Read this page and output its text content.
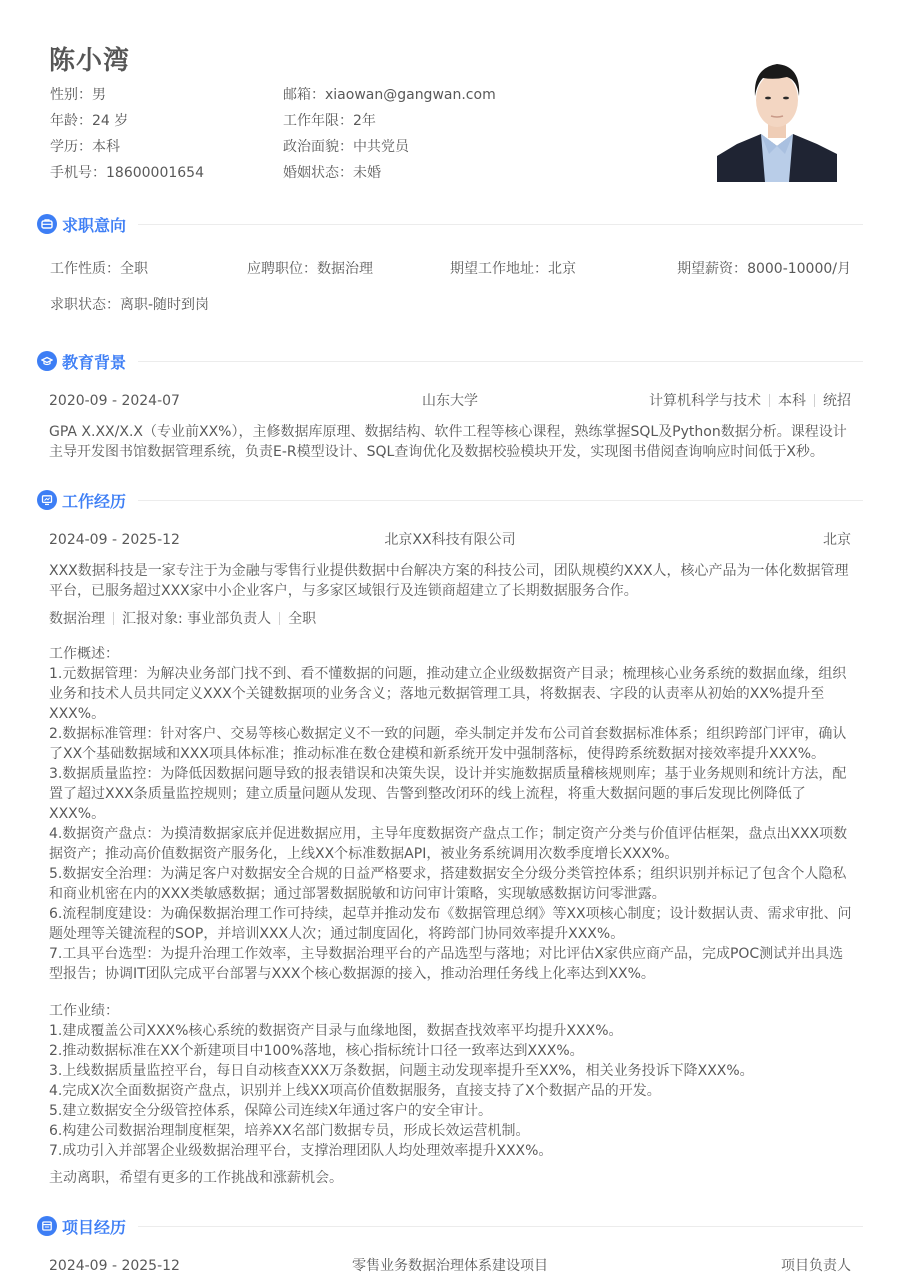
陈小湾
性别：男
年龄：24 岁
学历：本科
手机号：18600001654
邮箱：xiaowan@gangwan.com
工作年限：2年
政治面貌：中共党员
婚姻状态：未婚
求职意向
工作性质：全职	应聘职位：数据治理	期望工作地址：北京	期望薪资：8000-10000/月
求职状态：离职-随时到岗
教育背景
2020-09 - 2024-07	山东大学	计算机科学与技术 本科 统招
GPA X.XX/X.X（专业前XX%），主修数据库原理、数据结构、软件工程等核心课程，熟练掌握SQL及Python数据分析。课程设计主导开发图书馆数据管理系统，负责E-R模型设计、SQL查询优化及数据校验模块开发，实现图书借阅查询响应时间低于X秒。
工作经历
2024-09 - 2025-12	北京XX科技有限公司	北京
XXX数据科技是一家专注于为金融与零售行业提供数据中台解决方案的科技公司，团队规模约XXX人，核心产品为一体化数据管理平台，已服务超过XXX家中小企业客户，与多家区域银行及连锁商超建立了长期数据服务合作。
数据治理 汇报对象: 事业部负责人 全职

工作概述：

1.元数据管理：为解决业务部门找不到、看不懂数据的问题，推动建立企业级数据资产目录；梳理核心业务系统的数据血缘，组织业务和技术人员共同定义XXX个关键数据项的业务含义；落地元数据管理工具，将数据表、字段的认责率从初始的XX%提升至XXX%。

2.数据标准管理：针对客户、交易等核心数据定义不一致的问题，牵头制定并发布公司首套数据标准体系；组织跨部门评审，确认了XX个基础数据域和XXX项具体标准；推动标准在数仓建模和新系统开发中强制落标，使得跨系统数据对接效率提升XXX%。

3.数据质量监控：为降低因数据问题导致的报表错误和决策失误，设计并实施数据质量稽核规则库；基于业务规则和统计方法，配置了超过XXX条质量监控规则；建立质量问题从发现、告警到整改闭环的线上流程，将重大数据问题的事后发现比例降低了XXX%。

4.数据资产盘点：为摸清数据家底并促进数据应用，主导年度数据资产盘点工作；制定资产分类与价值评估框架，盘点出XXX项数据资产；推动高价值数据资产服务化，上线XX个标准数据API，被业务系统调用次数季度增长XXX%。

5.数据安全治理：为满足客户对数据安全合规的日益严格要求，搭建数据安全分级分类管控体系；组织识别并标记了包含个人隐私和商业机密在内的XXX类敏感数据；通过部署数据脱敏和访问审计策略，实现敏感数据访问零泄露。

6.流程制度建设：为确保数据治理工作可持续，起草并推动发布《数据管理总纲》等XX项核心制度；设计数据认责、需求审批、问题处理等关键流程的SOP，并培训XXX人次；通过制度固化，将跨部门协同效率提升XXX%。

7.工具平台选型：为提升治理工作效率，主导数据治理平台的产品选型与落地；对比评估X家供应商产品，完成POC测试并出具选型报告；协调IT团队完成平台部署与XXX个核心数据源的接入，推动治理任务线上化率达到XX%。

工作业绩：

1.建成覆盖公司XXX%核心系统的数据资产目录与血缘地图，数据查找效率平均提升XXX%。

2.推动数据标准在XX个新建项目中100%落地，核心指标统计口径一致率达到XXX%。

3.上线数据质量监控平台，每日自动核查XXX万条数据，问题主动发现率提升至XX%，相关业务投诉下降XXX%。

4.完成X次全面数据资产盘点，识别并上线XX项高价值数据服务，直接支持了X个数据产品的开发。

5.建立数据安全分级管控体系，保障公司连续X年通过客户的安全审计。

6.构建公司数据治理制度框架，培养XX名部门数据专员，形成长效运营机制。

7.成功引入并部署企业级数据治理平台，支撑治理团队人均处理效率提升XXX%。

主动离职，希望有更多的工作挑战和涨薪机会。
项目经历
2024-09 - 2025-12	零售业务数据治理体系建设项目	项目负责人
